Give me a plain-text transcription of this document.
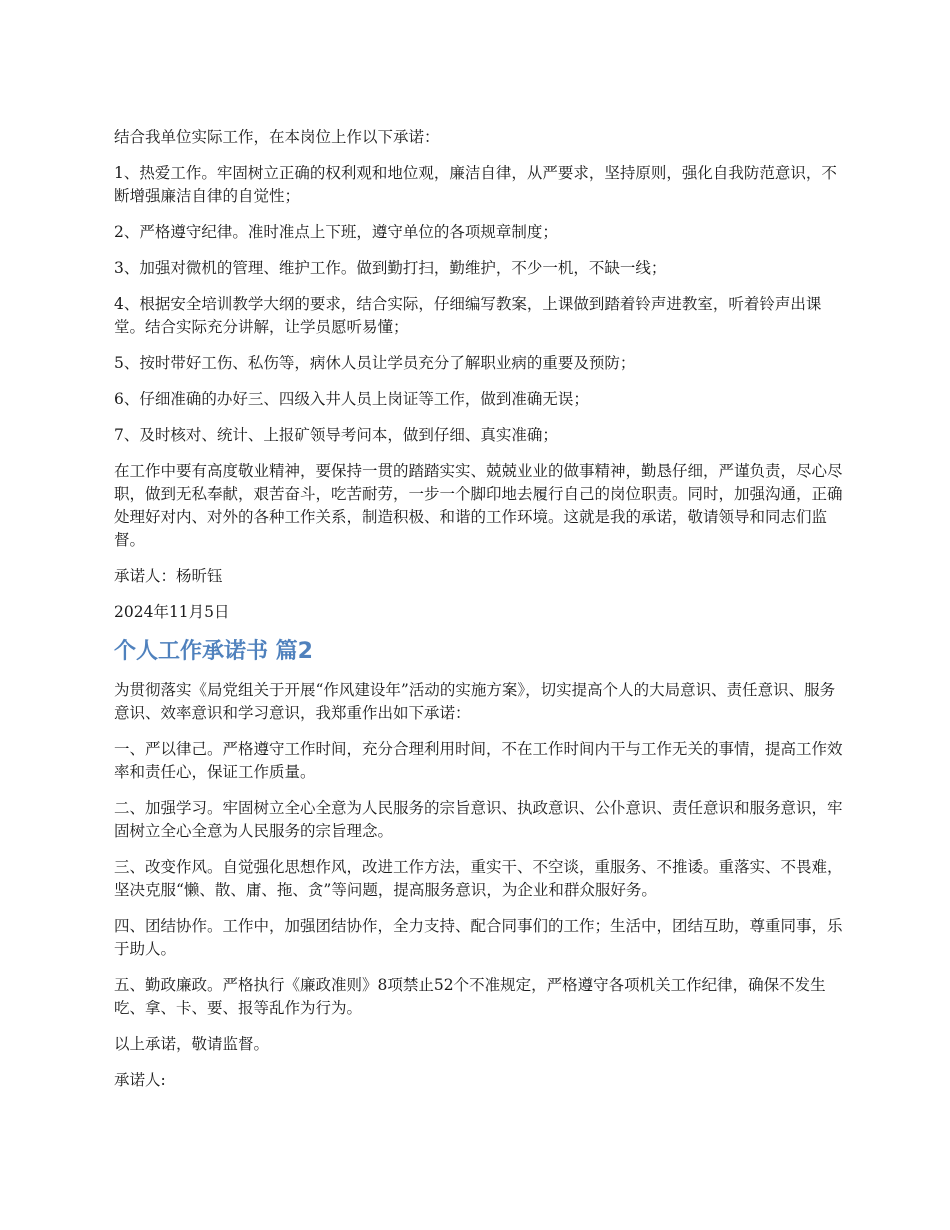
结合我单位实际工作，在本岗位上作以下承诺：

1、热爱工作。牢固树立正确的权利观和地位观，廉洁自律，从严要求，坚持原则，强化自我防范意识，不断增强廉洁自律的自觉性；

2、严格遵守纪律。准时准点上下班，遵守单位的各项规章制度；

3、加强对微机的管理、维护工作。做到勤打扫，勤维护，不少一机，不缺一线；

4、根据安全培训教学大纲的要求，结合实际，仔细编写教案，上课做到踏着铃声进教室，听着铃声出课堂。结合实际充分讲解，让学员愿听易懂；

5、按时带好工伤、私伤等，病休人员让学员充分了解职业病的重要及预防；

6、仔细准确的办好三、四级入井人员上岗证等工作，做到准确无误；

7、及时核对、统计、上报矿领导考问本，做到仔细、真实准确；

在工作中要有高度敬业精神，要保持一贯的踏踏实实、兢兢业业的做事精神，勤恳仔细，严谨负责，尽心尽职，做到无私奉献，艰苦奋斗，吃苦耐劳，一步一个脚印地去履行自己的岗位职责。同时，加强沟通，正确处理好对内、对外的各种工作关系，制造积极、和谐的工作环境。这就是我的承诺，敬请领导和同志们监督。

承诺人：杨昕钰

2024年11月5日

个人工作承诺书 篇2

为贯彻落实《局党组关于开展“作风建设年”活动的实施方案》，切实提高个人的大局意识、责任意识、服务意识、效率意识和学习意识，我郑重作出如下承诺：

一、严以律己。严格遵守工作时间，充分合理利用时间，不在工作时间内干与工作无关的事情，提高工作效率和责任心，保证工作质量。

二、加强学习。牢固树立全心全意为人民服务的宗旨意识、执政意识、公仆意识、责任意识和服务意识，牢固树立全心全意为人民服务的宗旨理念。

三、改变作风。自觉强化思想作风，改进工作方法，重实干、不空谈，重服务、不推诿。重落实、不畏难，坚决克服“懒、散、庸、拖、贪”等问题，提高服务意识，为企业和群众服好务。

四、团结协作。工作中，加强团结协作，全力支持、配合同事们的工作；生活中，团结互助，尊重同事，乐于助人。

五、勤政廉政。严格执行《廉政准则》8项禁止52个不准规定，严格遵守各项机关工作纪律，确保不发生吃、拿、卡、要、报等乱作为行为。

以上承诺，敬请监督。

承诺人:
